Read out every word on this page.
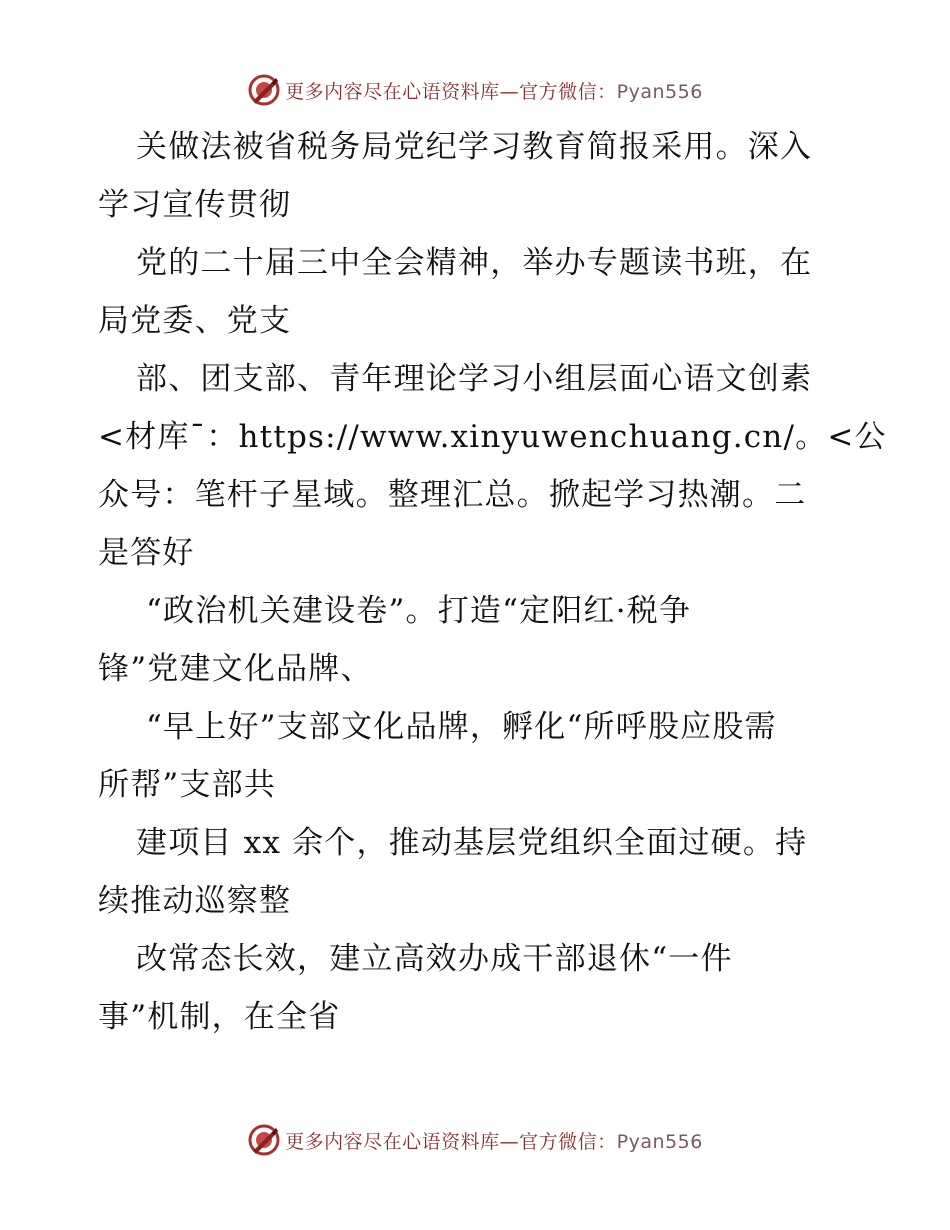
更多内容尽在心语资料库—官方微信：Pyan556
关做法被省税务局党纪学习教育简报采用。深入
学习宣传贯彻
党的二十届三中全会精神，举办专题读书班，在
局党委、党支
部、团支部、青年理论学习小组层面心语文创素
<材库¯：https://www.xinyuwenchuang.cn/。<公
众号：笔杆子星域。整理汇总。掀起学习热潮。二
是答好
“政治机关建设卷”。打造“定阳红·税争
锋”党建文化品牌、
“早上好”支部文化品牌，孵化“所呼股应股需
所帮”支部共
建项目 xx 余个，推动基层党组织全面过硬。持
续推动巡察整
改常态长效，建立高效办成干部退休“一件
事”机制，在全省
更多内容尽在心语资料库—官方微信：Pyan556
